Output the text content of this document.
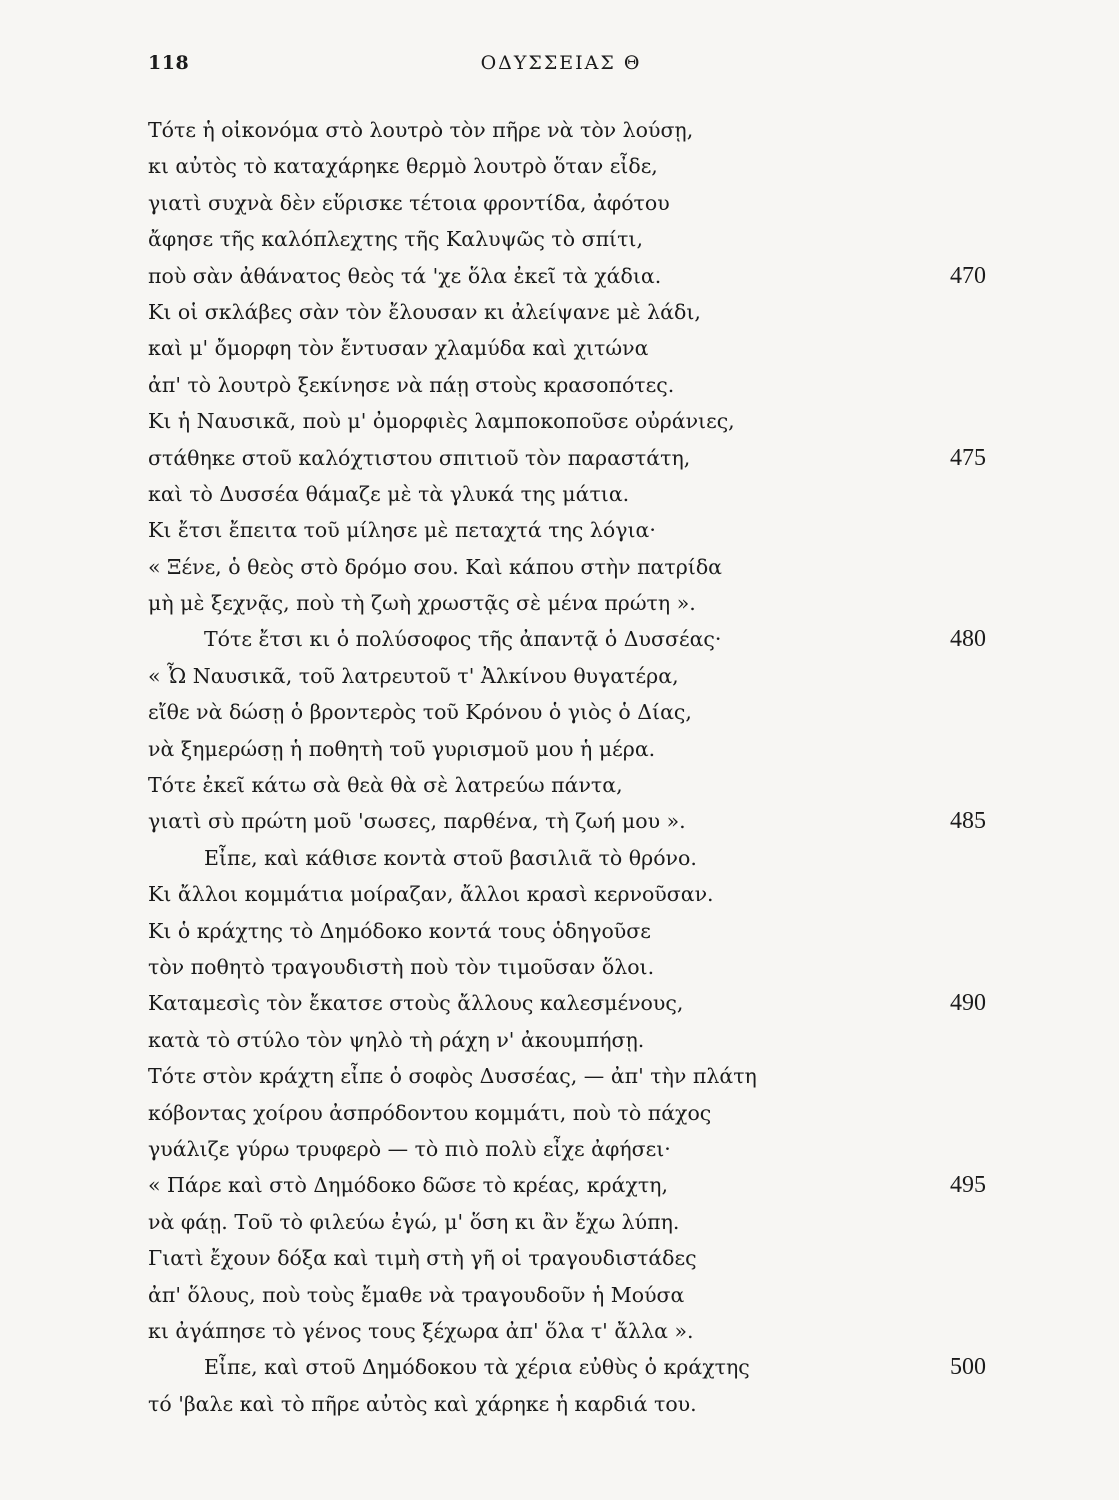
118	ΟΔΥΣΣΕΙΑΣ Θ
Τότε ἡ οἰκονόμα στὸ λουτρὸ τὸν πῆρε νὰ τὸν λούσῃ,
κι αὐτὸς τὸ καταχάρηκε θερμὸ λουτρὸ ὅταν εἶδε,
γιατὶ συχνὰ δὲν εὕρισκε τέτοια φροντίδα, ἀφότου
ἄφησε τῆς καλόπλεχτης τῆς Καλυψῶς τὸ σπίτι,
ποὺ σὰν ἀθάνατος θεὸς τά 'χε ὅλα ἐκεῖ τὰ χάδια.	470
Κι οἱ σκλάβες σὰν τὸν ἔλουσαν κι ἀλείψανε μὲ λάδι,
καὶ μ' ὄμορφη τὸν ἔντυσαν χλαμύδα καὶ χιτώνα
ἀπ' τὸ λουτρὸ ξεκίνησε νὰ πάῃ στοὺς κρασοπότες.
Κι ἡ Ναυσικᾶ, ποὺ μ' ὀμορφιὲς λαμποκοποῦσε οὐράνιες,
στάθηκε στοῦ καλόχτιστου σπιτιοῦ τὸν παραστάτη,	475
καὶ τὸ Δυσσέα θάμαζε μὲ τὰ γλυκά της μάτια.
Κι ἔτσι ἔπειτα τοῦ μίλησε μὲ πεταχτά της λόγια·
« Ξένε, ὁ θεὸς στὸ δρόμο σου. Καὶ κάπου στὴν πατρίδα
μὴ μὲ ξεχνᾷς, ποὺ τὴ ζωὴ χρωστᾷς σὲ μένα πρώτη ».
Τότε ἔτσι κι ὁ πολύσοφος τῆς ἀπαντᾷ ὁ Δυσσέας·	480
« Ὦ Ναυσικᾶ, τοῦ λατρευτοῦ τ' Ἀλκίνου θυγατέρα,
εἴθε νὰ δώσῃ ὁ βροντερὸς τοῦ Κρόνου ὁ γιὸς ὁ Δίας,
νὰ ξημερώσῃ ἡ ποθητὴ τοῦ γυρισμοῦ μου ἡ μέρα.
Τότε ἐκεῖ κάτω σὰ θεὰ θὰ σὲ λατρεύω πάντα,
γιατὶ σὺ πρώτη μοῦ 'σωσες, παρθένα, τὴ ζωή μου ».	485
Εἶπε, καὶ κάθισε κοντὰ στοῦ βασιλιᾶ τὸ θρόνο.
Κι ἄλλοι κομμάτια μοίραζαν, ἄλλοι κρασὶ κερνοῦσαν.
Κι ὁ κράχτης τὸ Δημόδοκο κοντά τους ὁδηγοῦσε
τὸν ποθητὸ τραγουδιστὴ ποὺ τὸν τιμοῦσαν ὅλοι.
Καταμεσὶς τὸν ἔκατσε στοὺς ἄλλους καλεσμένους,	490
κατὰ τὸ στύλο τὸν ψηλὸ τὴ ράχη ν' ἀκουμπήσῃ.
Τότε στὸν κράχτη εἶπε ὁ σοφὸς Δυσσέας, — ἀπ' τὴν πλάτη
κόβοντας χοίρου ἀσπρόδοντου κομμάτι, ποὺ τὸ πάχος
γυάλιζε γύρω τρυφερὸ — τὸ πιὸ πολὺ εἶχε ἀφήσει·
« Πάρε καὶ στὸ Δημόδοκο δῶσε τὸ κρέας, κράχτη,	495
νὰ φάῃ. Τοῦ τὸ φιλεύω ἐγώ, μ' ὅση κι ἂν ἔχω λύπη.
Γιατὶ ἔχουν δόξα καὶ τιμὴ στὴ γῆ οἱ τραγουδιστάδες
ἀπ' ὅλους, ποὺ τοὺς ἔμαθε νὰ τραγουδοῦν ἡ Μούσα
κι ἀγάπησε τὸ γένος τους ξέχωρα ἀπ' ὅλα τ' ἄλλα ».
Εἶπε, καὶ στοῦ Δημόδοκου τὰ χέρια εὐθὺς ὁ κράχτης	500
τό 'βαλε καὶ τὸ πῆρε αὐτὸς καὶ χάρηκε ἡ καρδιά του.
